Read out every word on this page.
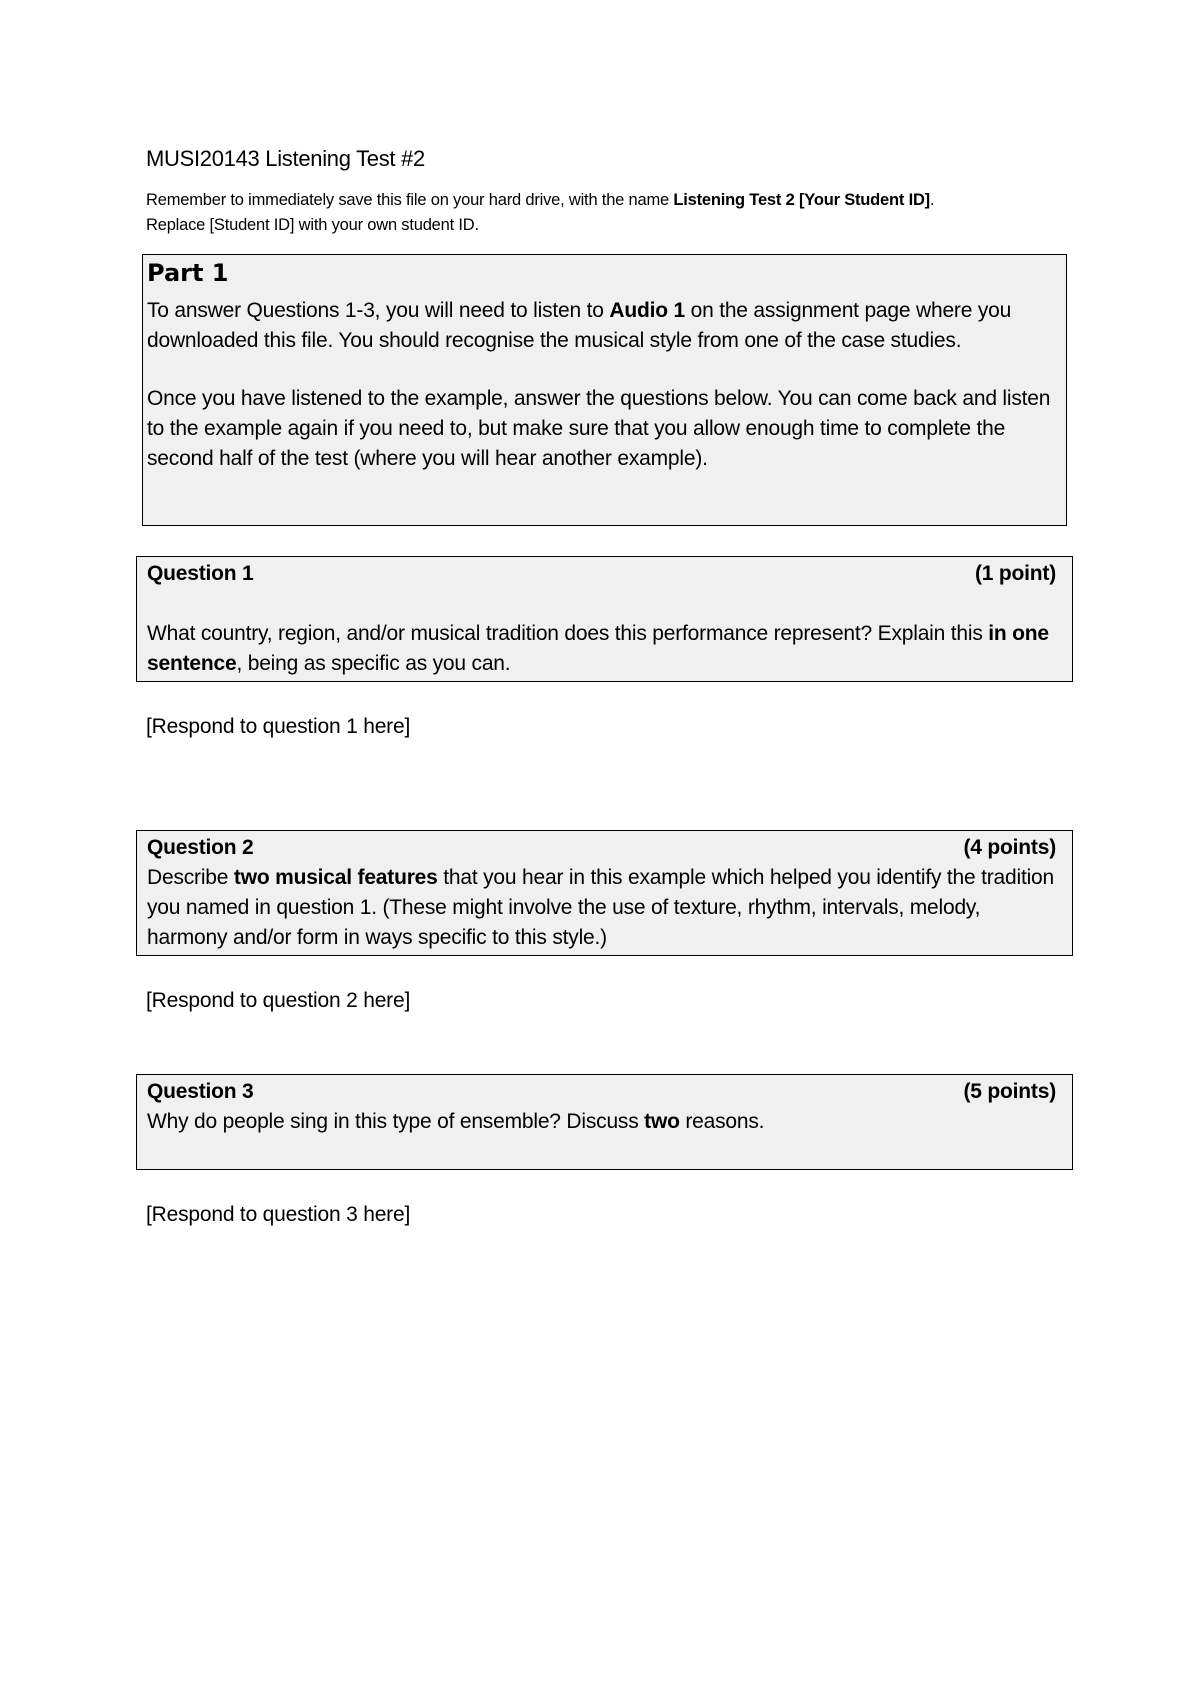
MUSI20143 Listening Test #2

Remember to immediately save this file on your hard drive, with the name Listening Test 2 [Your Student ID].
Replace [Student ID] with your own student ID.

Part 1

To answer Questions 1-3, you will need to listen to Audio 1 on the assignment page where you downloaded this file. You should recognise the musical style from one of the case studies.

Once you have listened to the example, answer the questions below. You can come back and listen to the example again if you need to, but make sure that you allow enough time to complete the second half of the test (where you will hear another example).

Question 1	(1 point)

What country, region, and/or musical tradition does this performance represent? Explain this in one sentence, being as specific as you can.

[Respond to question 1 here]

Question 2	(4 points)

Describe two musical features that you hear in this example which helped you identify the tradition you named in question 1. (These might involve the use of texture, rhythm, intervals, melody, harmony and/or form in ways specific to this style.)

[Respond to question 2 here]

Question 3	(5 points)

Why do people sing in this type of ensemble? Discuss two reasons.

[Respond to question 3 here]
